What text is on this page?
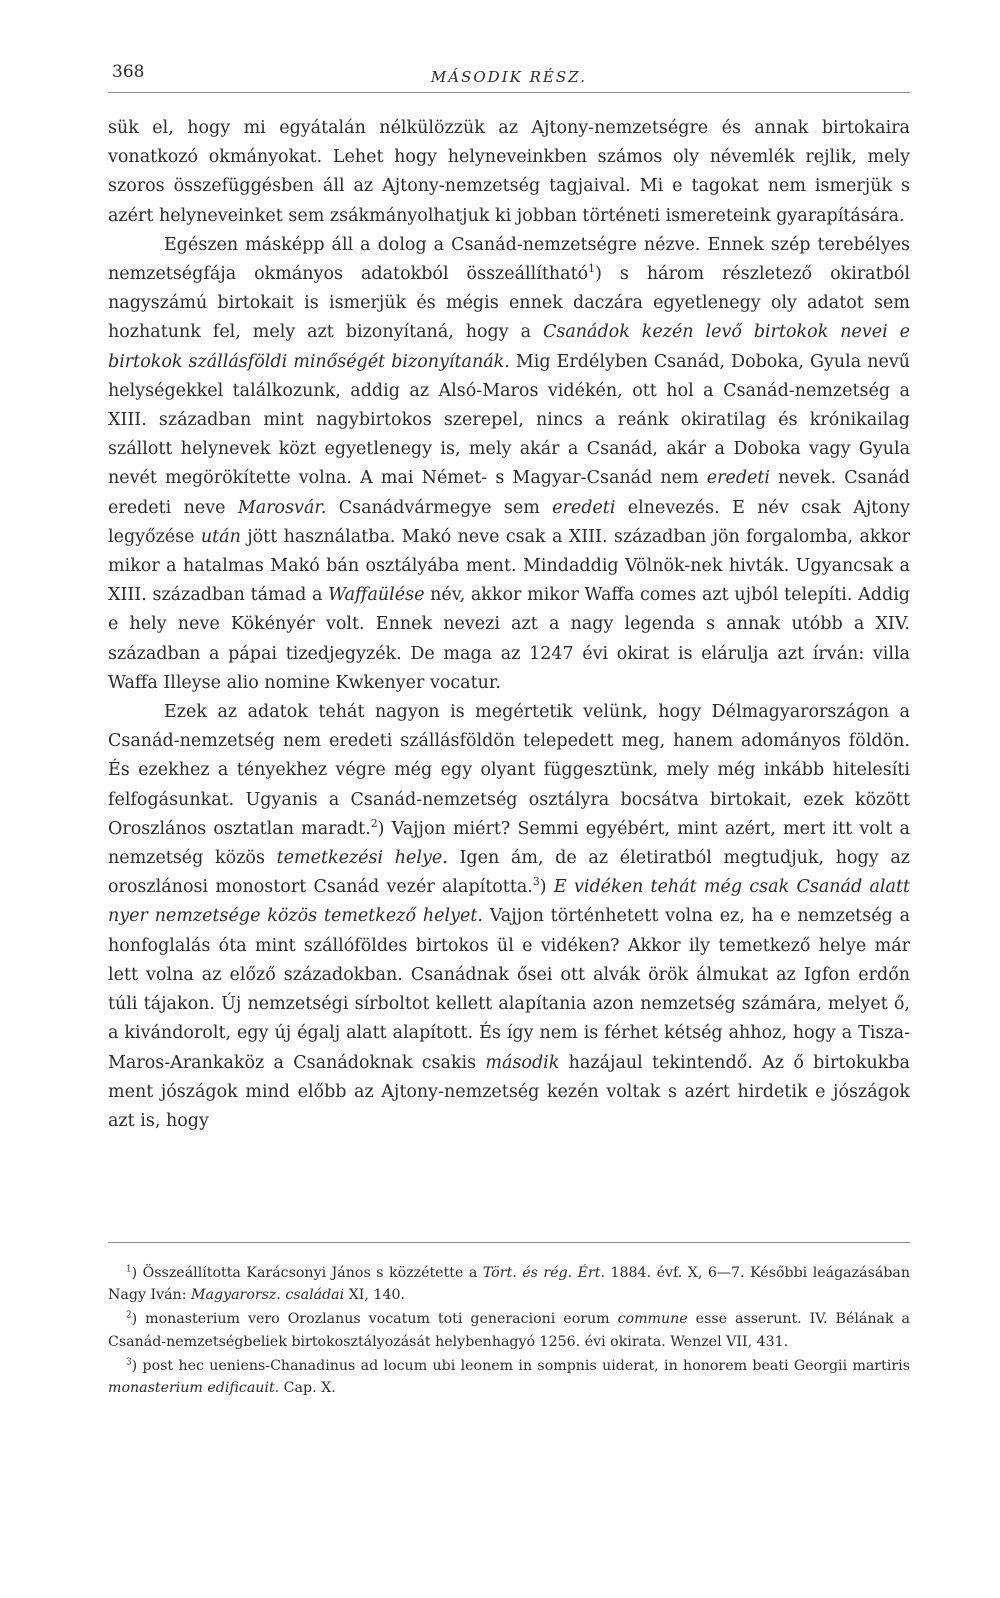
368	MÁSODIK RÉSZ.

sük el, hogy mi egyátalán nélkülözzük az Ajtony-nemzetségre és annak birtokaira vonatkozó okmányokat. Lehet hogy helyneveinkben számos oly névemlék rejlik, mely szoros összefüggésben áll az Ajtony-nemzetség tagjaival. Mi e tagokat nem ismerjük s azért helyneveinket sem zsákmányolhatjuk ki jobban történeti ismereteink gyarapítására.

Egészen másképp áll a dolog a Csanád-nemzetségre nézve. Ennek szép terebélyes nemzetségfája okmányos adatokból összeállítható$^1$) s három részletező okiratból nagyszámú birtokait is ismerjük és mégis ennek daczára egyetlenegy oly adatot sem hozhatunk fel, mely azt bizonyítaná, hogy a Csanádok kezén levő birtokok nevei e birtokok szállásföldi minőségét bizonyítanák. Mig Erdélyben Csanád, Doboka, Gyula nevű helységekkel találkozunk, addig az Alsó-Maros vidékén, ott hol a Csanád-nemzetség a XIII. században mint nagybirtokos szerepel, nincs a reánk okiratilag és krónikailag szállott helynevek közt egyetlenegy is, mely akár a Csanád, akár a Doboka vagy Gyula nevét megörökítette volna. A mai Német- s Magyar-Csanád nem eredeti nevek. Csanád eredeti neve Marosvár. Csanádvármegye sem eredeti elnevezés. E név csak Ajtony legyőzése után jött használatba. Makó neve csak a XIII. században jön forgalomba, akkor mikor a hatalmas Makó bán osztályába ment. Mindaddig Völnök-nek hivták. Ugyancsak a XIII. században támad a Waffaülése név, akkor mikor Waffa comes azt ujból telepíti. Addig e hely neve Kökényér volt. Ennek nevezi azt a nagy legenda s annak utóbb a XIV. században a pápai tizedjegyzék. De maga az 1247 évi okirat is elárulja azt írván: villa Waffa Illeyse alio nomine Kwkenyer vocatur.

Ezek az adatok tehát nagyon is megértetik velünk, hogy Délmagyarországon a Csanád-nemzetség nem eredeti szállásföldön telepedett meg, hanem adományos földön. És ezekhez a tényekhez végre még egy olyant függesztünk, mely még inkább hitelesíti felfogásunkat. Ugyanis a Csanád-nemzetség osztályra bocsátva birtokait, ezek között Oroszlános osztatlan maradt.$^2$) Vajjon miért? Semmi egyébért, mint azért, mert itt volt a nemzetség közös temetkezési helye. Igen ám, de az életiratból megtudjuk, hogy az oroszlánosi monostort Csanád vezér alapította.$^3$) E vidéken tehát még csak Csanád alatt nyer nemzetsége közös temetkező helyet. Vajjon történhetett volna ez, ha e nemzetség a honfoglalás óta mint szállóföldes birtokos ül e vidéken? Akkor ily temetkező helye már lett volna az előző századokban. Csanádnak ősei ott alvák örök álmukat az Igfon erdőn túli tájakon. Új nemzetségi sírboltot kellett alapítania azon nemzetség számára, melyet ő, a kivándorolt, egy új égalj alatt alapított. És így nem is férhet kétség ahhoz, hogy a Tisza-Maros-Arankaköz a Csanádoknak csakis második hazájaul tekintendő. Az ő birtokukba ment jószágok mind előbb az Ajtony-nemzetség kezén voltak s azért hirdetik e jószágok azt is, hogy

$^1$) Összeállította Karácsonyi János s közzétette a Tört. és rég. Ért. 1884. évf. X, 6—7. Későbbi leágazásában Nagy Iván: Magyarorsz. családai XI, 140.

$^2$) monasterium vero Orozlanus vocatum toti generacioni eorum commune esse asserunt. IV. Bélának a Csanád-nemzetségbeliek birtokosztályozását helybenhagyó 1256. évi okirata. Wenzel VII, 431.

$^3$) post hec ueniens-Chanadinus ad locum ubi leonem in sompnis uiderat, in honorem beati Georgii martiris monasterium edificauit. Cap. X.
